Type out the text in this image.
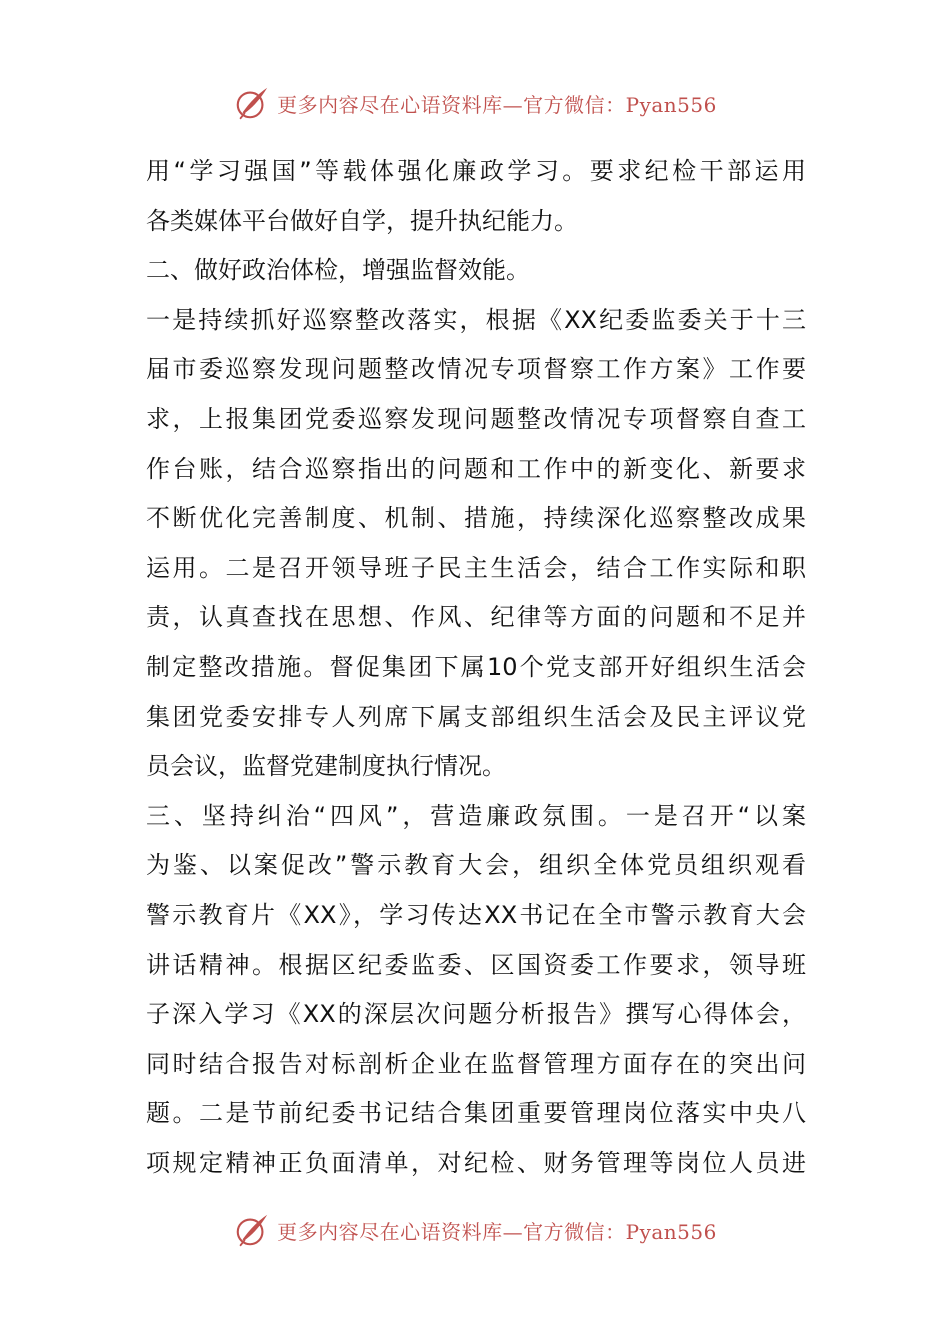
更多内容尽在心语资料库—官方微信：Pyan556
用“学习强国”等载体强化廉政学习。要求纪检干部运用
各类媒体平台做好自学，提升执纪能力。
二、做好政治体检，增强监督效能。
一是持续抓好巡察整改落实，根据《XX纪委监委关于十三
届市委巡察发现问题整改情况专项督察工作方案》工作要
求，上报集团党委巡察发现问题整改情况专项督察自查工
作台账，结合巡察指出的问题和工作中的新变化、新要求
不断优化完善制度、机制、措施，持续深化巡察整改成果
运用。二是召开领导班子民主生活会，结合工作实际和职
责，认真查找在思想、作风、纪律等方面的问题和不足并
制定整改措施。督促集团下属10个党支部开好组织生活会
集团党委安排专人列席下属支部组织生活会及民主评议党
员会议，监督党建制度执行情况。
三、坚持纠治“四风”，营造廉政氛围。一是召开“以案
为鉴、以案促改”警示教育大会，组织全体党员组织观看
警示教育片《XX》，学习传达XX书记在全市警示教育大会
讲话精神。根据区纪委监委、区国资委工作要求，领导班
子深入学习《XX的深层次问题分析报告》撰写心得体会，
同时结合报告对标剖析企业在监督管理方面存在的突出问
题。二是节前纪委书记结合集团重要管理岗位落实中央八
项规定精神正负面清单，对纪检、财务管理等岗位人员进
更多内容尽在心语资料库—官方微信：Pyan556
